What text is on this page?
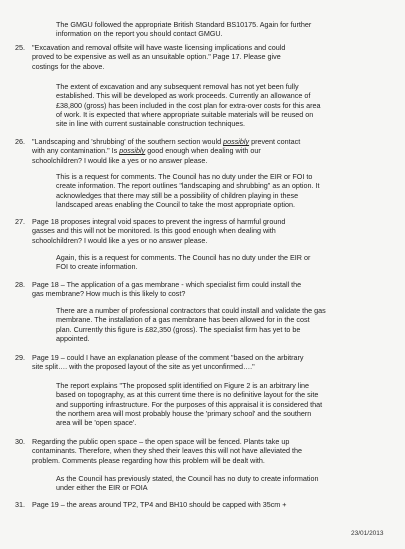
The GMGU followed the appropriate British Standard BS10175. Again for further
information on the report you should contact GMGU.

25. "Excavation and removal offsite will have waste licensing implications and could
proved to be expensive as well as an unsuitable option." Page 17. Please give
costings for the above.

The extent of excavation and any subsequent removal has not yet been fully
established. This will be developed as work proceeds. Currently an allowance of
£38,800 (gross) has been included in the cost plan for extra-over costs for this area
of work. It is expected that where appropriate suitable materials will be reused on
site in line with current sustainable construction techniques.

26. "Landscaping and 'shrubbing' of the southern section would possibly prevent contact
with any contamination." Is possibly good enough when dealing with our
schoolchildren? I would like a yes or no answer please.

This is a request for comments. The Council has no duty under the EIR or FOI to
create information. The report outlines "landscaping and shrubbing" as an option. It
acknowledges that there may still be a possibility of children playing in these
landscaped areas enabling the Council to take the most appropriate option.

27. Page 18 proposes integral void spaces to prevent the ingress of harmful ground
gasses and this will not be monitored. Is this good enough when dealing with
schoolchildren? I would like a yes or no answer please.

Again, this is a request for comments. The Council has no duty under the EIR or
FOI to create information.

28. Page 18 – The application of a gas membrane - which specialist firm could install the
gas membrane? How much is this likely to cost?

There are a number of professional contractors that could install and validate the gas
membrane. The installation of a gas membrane has been allowed for in the cost
plan. Currently this figure is £82,350 (gross). The specialist firm has yet to be
appointed.

29. Page 19 – could I have an explanation please of the comment "based on the arbitrary
site split…. with the proposed layout of the site as yet unconfirmed…."

The report explains "The proposed split identified on Figure 2 is an arbitrary line
based on topography, as at this current time there is no definitive layout for the site
and supporting infrastructure. For the purposes of this appraisal it is considered that
the northern area will most probably house the 'primary school' and the southern
area will be 'open space'.

30. Regarding the public open space – the open space will be fenced. Plants take up
contaminants. Therefore, when they shed their leaves this will not have alleviated the
problem. Comments please regarding how this problem will be dealt with.

As the Council has previously stated, the Council has no duty to create information
under either the EIR or FOIA

31. Page 19 – the areas around TP2, TP4 and BH10 should be capped with 35cm +

23/01/2013
